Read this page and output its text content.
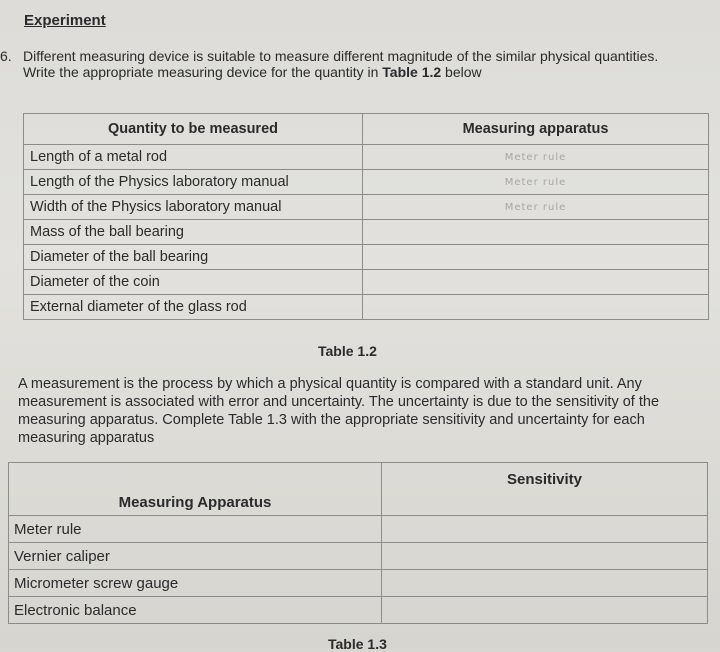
Experiment
6. Different measuring device is suitable to measure different magnitude of the similar physical quantities. Write the appropriate measuring device for the quantity in Table 1.2 below
Quantity to be measured	Measuring apparatus
Length of a metal rod	Meter rule
Length of the Physics laboratory manual	Meter rule
Width of the Physics laboratory manual	Meter rule
Mass of the ball bearing	
Diameter of the ball bearing	
Diameter of the coin	
External diameter of the glass rod	
Table 1.2
A measurement is the process by which a physical quantity is compared with a standard unit. Any measurement is associated with error and uncertainty. The uncertainty is due to the sensitivity of the measuring apparatus. Complete Table 1.3 with the appropriate sensitivity and uncertainty for each measuring apparatus
Measuring Apparatus	Sensitivity
Meter rule	
Vernier caliper	
Micrometer screw gauge	
Electronic balance	
Table 1.3
